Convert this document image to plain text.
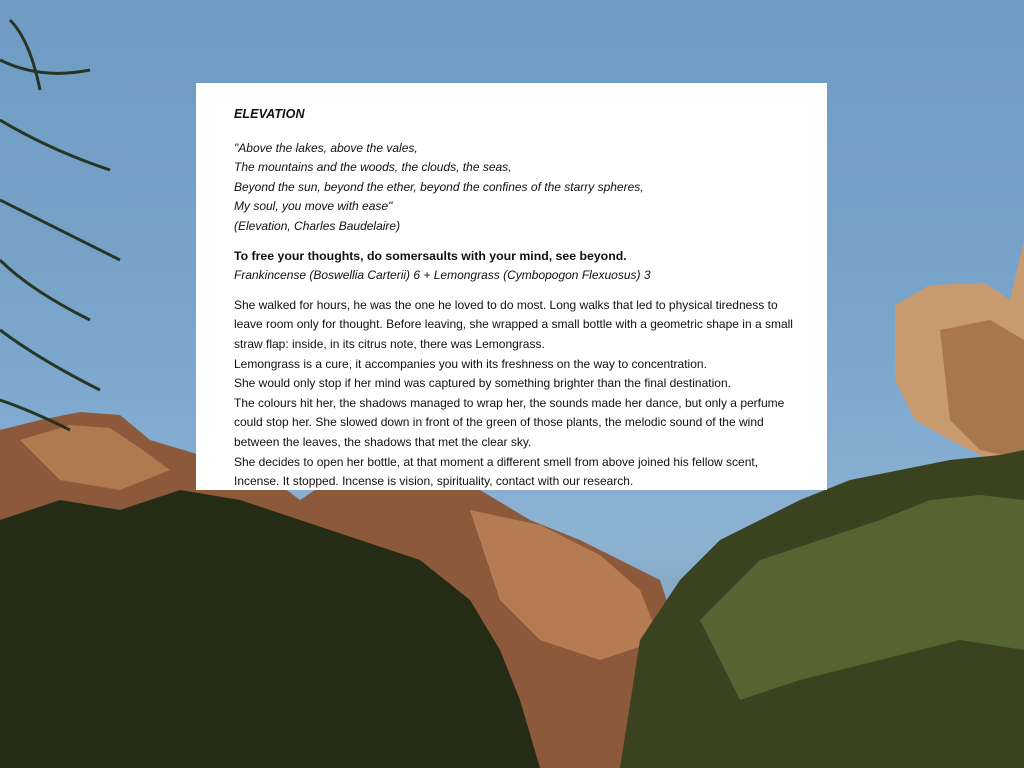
ELEVATION

"Above the lakes, above the vales,

The mountains and the woods, the clouds, the seas,

Beyond the sun, beyond the ether, beyond the confines of the starry spheres,

My soul, you move with ease"

(Elevation, Charles Baudelaire)

To free your thoughts, do somersaults with your mind, see beyond.

Frankincense (Boswellia Carterii) 6 + Lemongrass (Cymbopogon Flexuosus) 3

She walked for hours, he was the one he loved to do most. Long walks that led to physical tiredness to leave room only for thought. Before leaving, she wrapped a small bottle with a geometric shape in a small straw flap: inside, in its citrus note, there was Lemongrass.

Lemongrass is a cure, it accompanies you with its freshness on the way to concentration.

She would only stop if her mind was captured by something brighter than the final destination.

The colours hit her, the shadows managed to wrap her, the sounds made her dance, but only a perfume could stop her. She slowed down in front of the green of those plants, the melodic sound of the wind between the leaves, the shadows that met the clear sky.

She decides to open her bottle, at that moment a different smell from above joined his fellow scent, Incense. It stopped. Incense is vision, spirituality, contact with our research.
